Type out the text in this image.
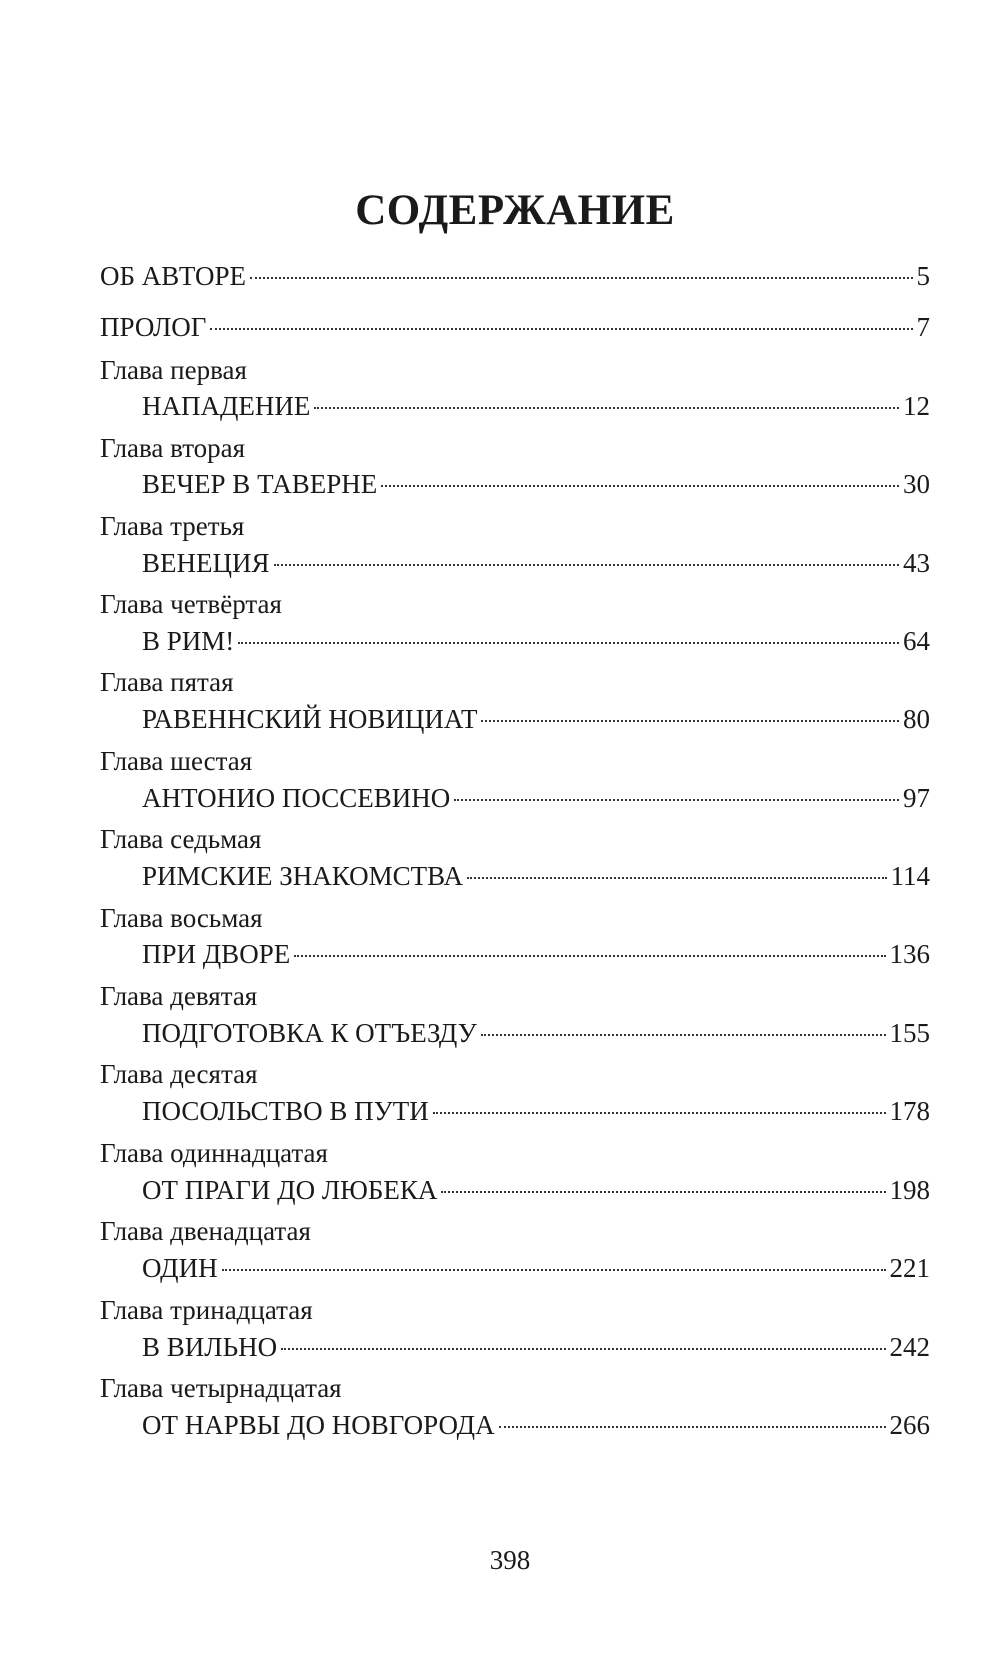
СОДЕРЖАНИЕ
ОБ АВТОРЕ	5
ПРОЛОГ	7
Глава первая
НАПАДЕНИЕ	12
Глава вторая
ВЕЧЕР В ТАВЕРНЕ	30
Глава третья
ВЕНЕЦИЯ	43
Глава четвёртая
В РИМ!	64
Глава пятая
РАВЕННСКИЙ НОВИЦИАТ	80
Глава шестая
АНТОНИО ПОССЕВИНО	97
Глава седьмая
РИМСКИЕ ЗНАКОМСТВА	114
Глава восьмая
ПРИ ДВОРЕ	136
Глава девятая
ПОДГОТОВКА К ОТЪЕЗДУ	155
Глава десятая
ПОСОЛЬСТВО В ПУТИ	178
Глава одиннадцатая
ОТ ПРАГИ ДО ЛЮБЕКА	198
Глава двенадцатая
ОДИН	221
Глава тринадцатая
В ВИЛЬНО	242
Глава четырнадцатая
ОТ НАРВЫ ДО НОВГОРОДА	266
398
